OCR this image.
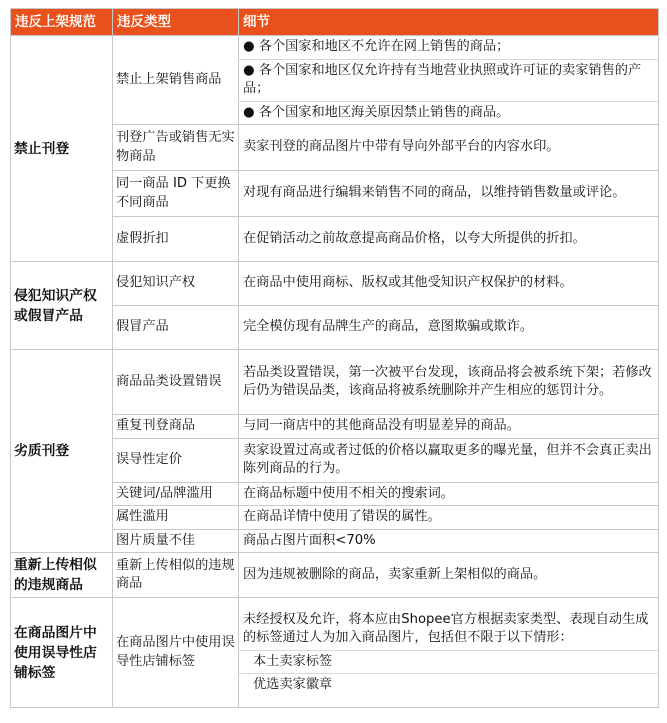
违反上架规范	违反类型	细节
禁止刊登	禁止上架销售商品	● 各个国家和地区不允许在网上销售的商品；
● 各个国家和地区仅允许持有当地营业执照或许可证的卖家销售的产品；
● 各个国家和地区海关原因禁止销售的商品。

	刊登广告或销售无实物商品	卖家刊登的商品图片中带有导向外部平台的内容水印。
	同一商品 ID 下更换不同商品	对现有商品进行编辑来销售不同的商品，以维持销售数量或评论。
	虚假折扣	在促销活动之前故意提高商品价格，以夸大所提供的折扣。
侵犯知识产权或假冒产品	侵犯知识产权	在商品中使用商标、版权或其他受知识产权保护的材料。
	假冒产品	完全模仿现有品牌生产的商品，意图欺骗或欺诈。
劣质刊登	商品品类设置错误	若品类设置错误，第一次被平台发现，该商品将会被系统下架；若修改后仍为错误品类，该商品将被系统删除并产生相应的惩罚计分。
	重复刊登商品	与同一商店中的其他商品没有明显差异的商品。
	误导性定价	卖家设置过高或者过低的价格以赢取更多的曝光量，但并不会真正卖出陈列商品的行为。
	关键词/品牌滥用	在商品标题中使用不相关的搜索词。
	属性滥用	在商品详情中使用了错误的属性。
	图片质量不佳	商品占图片面积<70%
重新上传相似的违规商品	重新上传相似的违规商品	因为违规被删除的商品，卖家重新上架相似的商品。
在商品图片中使用误导性店铺标签	在商品图片中使用误导性店铺标签	未经授权及允许，将本应由Shopee官方根据卖家类型、表现自动生成的标签通过人为加入商品图片，包括但不限于以下情形：
本土卖家标签
优选卖家徽章
